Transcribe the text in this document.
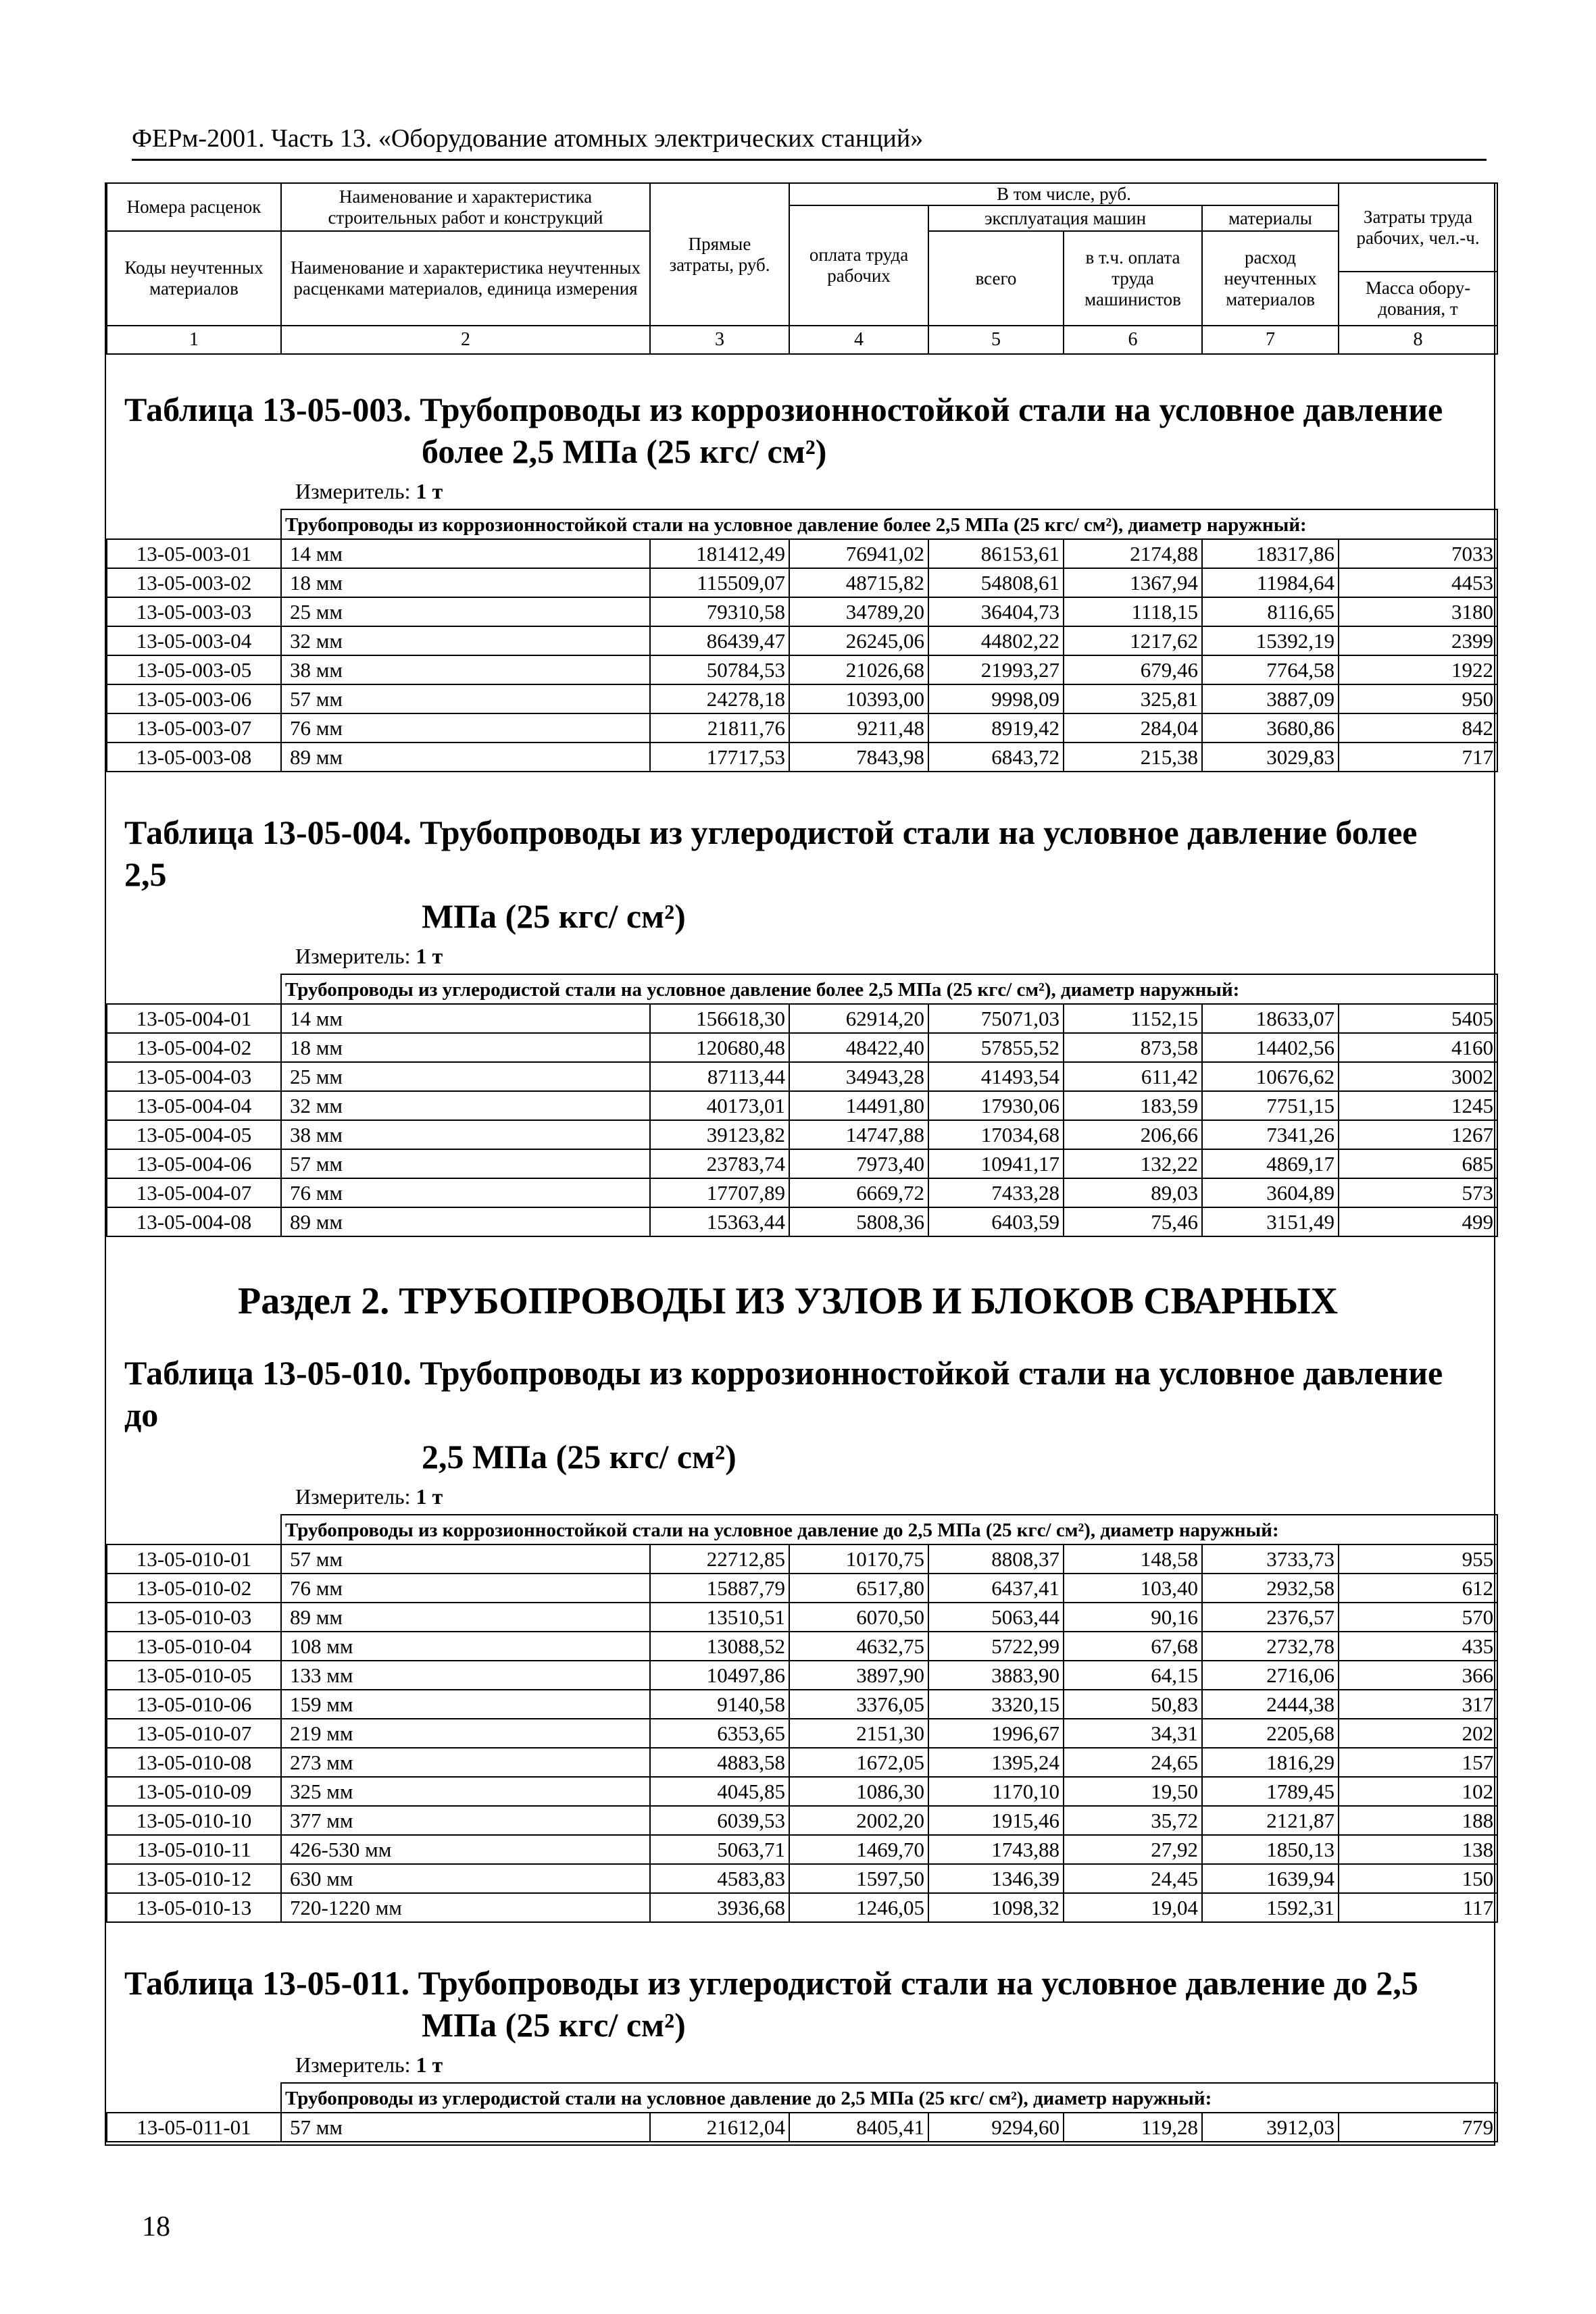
ФЕРм-2001. Часть 13. «Оборудование атомных электрических станций»
Номера расценок	Наименование и характеристика строительных работ и конструкций	Прямые затраты, руб.	В том числе, руб.				Затраты труда рабочих, чел.-ч.
			оплата труда рабочих	эксплуатация машин		материалы	
Коды неучтенных материалов	Наименование и характеристика неучтенных расценками материалов, единица измерения			всего	в т.ч. оплата труда машинистов	расход неучтенных материалов	
							Масса обору-дования, т
1	2	3	4	5	6	7	8
Таблица 13-05-003. Трубопроводы из коррозионностойкой стали на условное давление
более 2,5 МПа (25 кгс/ см²)
Измеритель: 1 т
	Трубопроводы из коррозионностойкой стали на условное давление более 2,5 МПа (25 кгс/ см²), диаметр наружный:						
13-05-003-01	14 мм	181412,49	76941,02	86153,61	2174,88	18317,86	7033
13-05-003-02	18 мм	115509,07	48715,82	54808,61	1367,94	11984,64	4453
13-05-003-03	25 мм	79310,58	34789,20	36404,73	1118,15	8116,65	3180
13-05-003-04	32 мм	86439,47	26245,06	44802,22	1217,62	15392,19	2399
13-05-003-05	38 мм	50784,53	21026,68	21993,27	679,46	7764,58	1922
13-05-003-06	57 мм	24278,18	10393,00	9998,09	325,81	3887,09	950
13-05-003-07	76 мм	21811,76	9211,48	8919,42	284,04	3680,86	842
13-05-003-08	89 мм	17717,53	7843,98	6843,72	215,38	3029,83	717
Таблица 13-05-004. Трубопроводы из углеродистой стали на условное давление более 2,5
МПа (25 кгс/ см²)
Измеритель: 1 т
	Трубопроводы из углеродистой стали на условное давление более 2,5 МПа (25 кгс/ см²), диаметр наружный:						
13-05-004-01	14 мм	156618,30	62914,20	75071,03	1152,15	18633,07	5405
13-05-004-02	18 мм	120680,48	48422,40	57855,52	873,58	14402,56	4160
13-05-004-03	25 мм	87113,44	34943,28	41493,54	611,42	10676,62	3002
13-05-004-04	32 мм	40173,01	14491,80	17930,06	183,59	7751,15	1245
13-05-004-05	38 мм	39123,82	14747,88	17034,68	206,66	7341,26	1267
13-05-004-06	57 мм	23783,74	7973,40	10941,17	132,22	4869,17	685
13-05-004-07	76 мм	17707,89	6669,72	7433,28	89,03	3604,89	573
13-05-004-08	89 мм	15363,44	5808,36	6403,59	75,46	3151,49	499
Раздел 2. ТРУБОПРОВОДЫ ИЗ УЗЛОВ И БЛОКОВ СВАРНЫХ
Таблица 13-05-010. Трубопроводы из коррозионностойкой стали на условное давление до
2,5 МПа (25 кгс/ см²)
Измеритель: 1 т
	Трубопроводы из коррозионностойкой стали на условное давление до 2,5 МПа (25 кгс/ см²), диаметр наружный:						
13-05-010-01	57 мм	22712,85	10170,75	8808,37	148,58	3733,73	955
13-05-010-02	76 мм	15887,79	6517,80	6437,41	103,40	2932,58	612
13-05-010-03	89 мм	13510,51	6070,50	5063,44	90,16	2376,57	570
13-05-010-04	108 мм	13088,52	4632,75	5722,99	67,68	2732,78	435
13-05-010-05	133 мм	10497,86	3897,90	3883,90	64,15	2716,06	366
13-05-010-06	159 мм	9140,58	3376,05	3320,15	50,83	2444,38	317
13-05-010-07	219 мм	6353,65	2151,30	1996,67	34,31	2205,68	202
13-05-010-08	273 мм	4883,58	1672,05	1395,24	24,65	1816,29	157
13-05-010-09	325 мм	4045,85	1086,30	1170,10	19,50	1789,45	102
13-05-010-10	377 мм	6039,53	2002,20	1915,46	35,72	2121,87	188
13-05-010-11	426-530 мм	5063,71	1469,70	1743,88	27,92	1850,13	138
13-05-010-12	630 мм	4583,83	1597,50	1346,39	24,45	1639,94	150
13-05-010-13	720-1220 мм	3936,68	1246,05	1098,32	19,04	1592,31	117
Таблица 13-05-011. Трубопроводы из углеродистой стали на условное давление до 2,5
МПа (25 кгс/ см²)
Измеритель: 1 т
	Трубопроводы из углеродистой стали на условное давление до 2,5 МПа (25 кгс/ см²), диаметр наружный:						
13-05-011-01	57 мм	21612,04	8405,41	9294,60	119,28	3912,03	779
18
